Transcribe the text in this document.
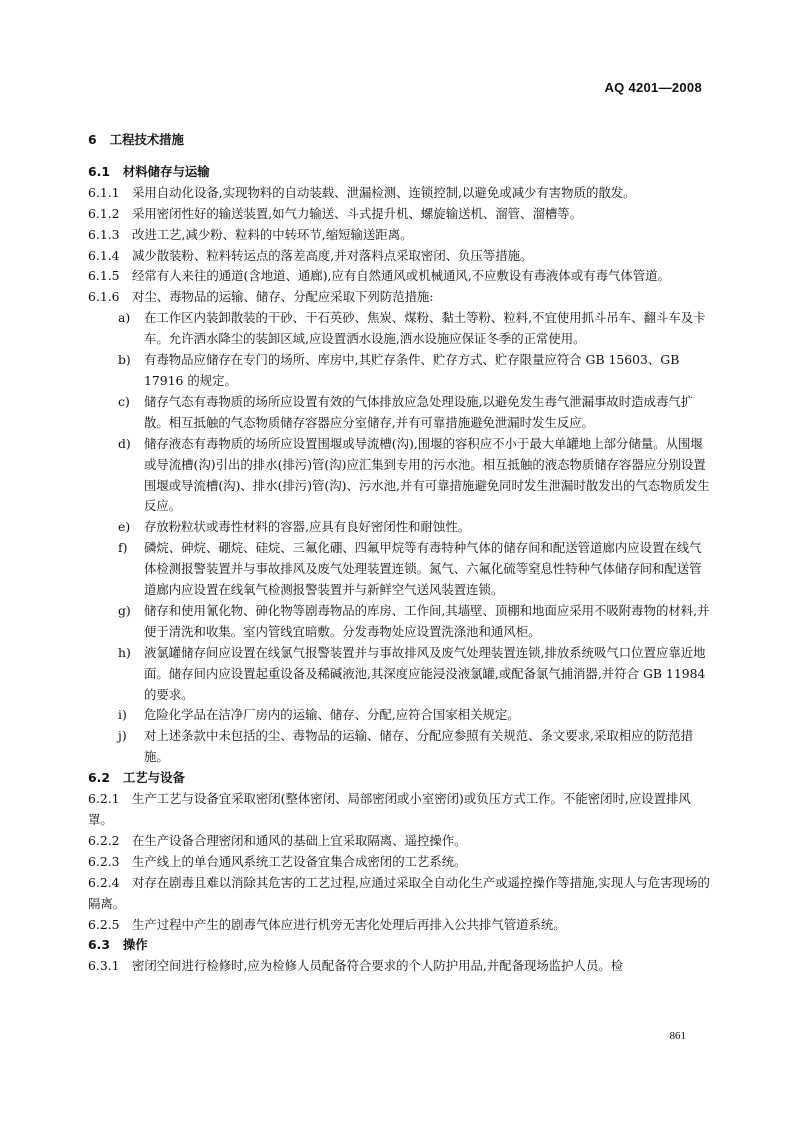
AQ 4201—2008
6 工程技术措施
6.1 材料储存与运输
6.1.1 采用自动化设备,实现物料的自动装载、泄漏检测、连锁控制,以避免或减少有害物质的散发。
6.1.2 采用密闭性好的输送装置,如气力输送、斗式提升机、螺旋输送机、溜管、溜槽等。
6.1.3 改进工艺,减少粉、粒料的中转环节,缩短输送距离。
6.1.4 减少散装粉、粒料转运点的落差高度,并对落料点采取密闭、负压等措施。
6.1.5 经常有人来往的通道(含地道、通廊),应有自然通风或机械通风,不应敷设有毒液体或有毒气体管道。
6.1.6 对尘、毒物品的运输、储存、分配应采取下列防范措施:
a)	在工作区内装卸散装的干砂、干石英砂、焦炭、煤粉、黏土等粉、粒料,不宜使用抓斗吊车、翻斗车及卡车。允许洒水降尘的装卸区域,应设置洒水设施,洒水设施应保证冬季的正常使用。
b)	有毒物品应储存在专门的场所、库房中,其贮存条件、贮存方式、贮存限量应符合 GB 15603、GB 17916 的规定。
c)	储存气态有毒物质的场所应设置有效的气体排放应急处理设施,以避免发生毒气泄漏事故时造成毒气扩散。相互抵触的气态物质储存容器应分室储存,并有可靠措施避免泄漏时发生反应。
d)	储存液态有毒物质的场所应设置围堰或导流槽(沟),围堰的容积应不小于最大单罐地上部分储量。从围堰或导流槽(沟)引出的排水(排污)管(沟)应汇集到专用的污水池。相互抵触的液态物质储存容器应分别设置围堰或导流槽(沟)、排水(排污)管(沟)、污水池,并有可靠措施避免同时发生泄漏时散发出的气态物质发生反应。
e)	存放粉粒状或毒性材料的容器,应具有良好密闭性和耐蚀性。
f)	磷烷、砷烷、硼烷、硅烷、三氟化硼、四氟甲烷等有毒特种气体的储存间和配送管道廊内应设置在线气体检测报警装置并与事故排风及废气处理装置连锁。氮气、六氟化硫等窒息性特种气体储存间和配送管道廊内应设置在线氧气检测报警装置并与新鲜空气送风装置连锁。
g)	储存和使用氰化物、砷化物等剧毒物品的库房、工作间,其墙壁、顶棚和地面应采用不吸附毒物的材料,并便于清洗和收集。室内管线宜暗敷。分发毒物处应设置洗涤池和通风柜。
h)	液氯罐储存间应设置在线氯气报警装置并与事故排风及废气处理装置连锁,排放系统吸气口位置应靠近地面。储存间内应设置起重设备及稀碱液池,其深度应能浸没液氯罐,或配备氯气捕消器,并符合 GB 11984 的要求。
i)	危险化学品在洁净厂房内的运输、储存、分配,应符合国家相关规定。
j)	对上述条款中未包括的尘、毒物品的运输、储存、分配应参照有关规范、条文要求,采取相应的防范措施。
6.2 工艺与设备
6.2.1 生产工艺与设备宜采取密闭(整体密闭、局部密闭或小室密闭)或负压方式工作。不能密闭时,应设置排风罩。
6.2.2 在生产设备合理密闭和通风的基础上宜采取隔离、遥控操作。
6.2.3 生产线上的单台通风系统工艺设备宜集合成密闭的工艺系统。
6.2.4 对存在剧毒且难以消除其危害的工艺过程,应通过采取全自动化生产或遥控操作等措施,实现人与危害现场的隔离。
6.2.5 生产过程中产生的剧毒气体应进行机旁无害化处理后再排入公共排气管道系统。
6.3 操作
6.3.1 密闭空间进行检修时,应为检修人员配备符合要求的个人防护用品,并配备现场监护人员。检
861
